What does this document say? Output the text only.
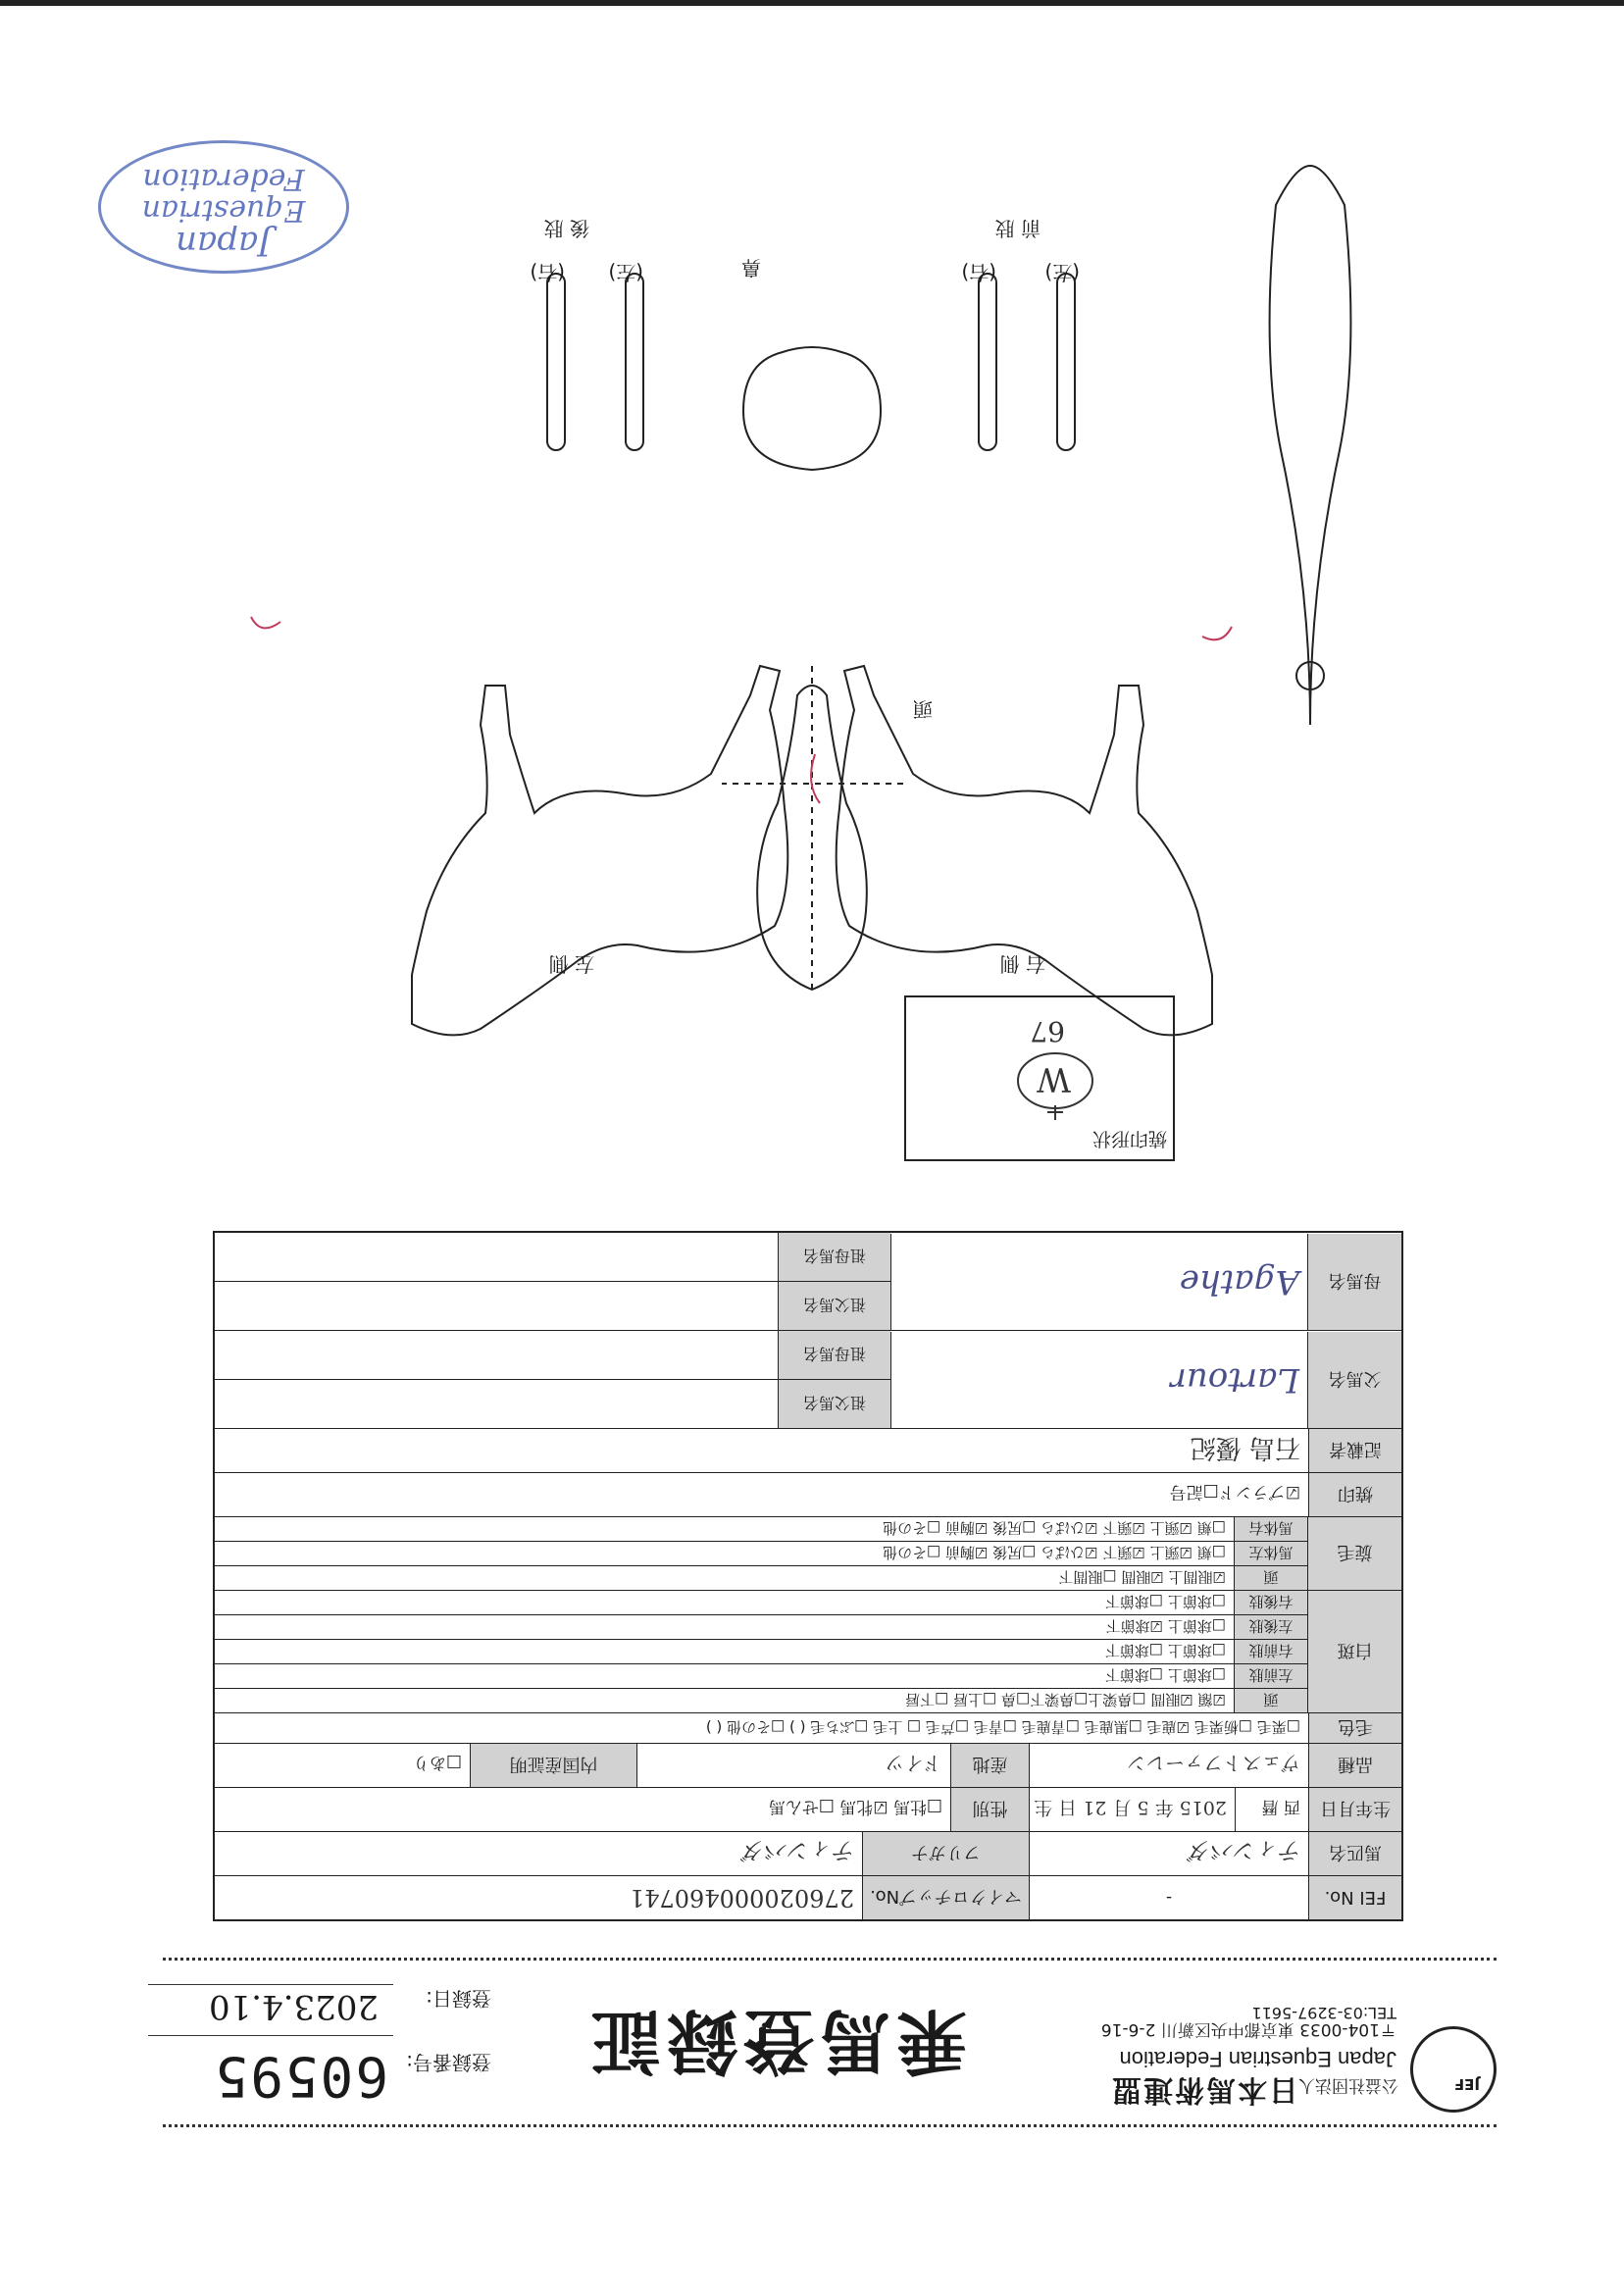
JEF
公益社団法人日本馬術連盟
Japan Equestrian Federation
〒104-0033 東京都中央区新川 2-6-16
TEL:03-3297-5611
乗馬登録証
登録番号:
60595
登録日:
2023.4.10
FEI No.
-
マイクロチップNo.
276020000460741
馬匹名
ティンバダ
フリガナ
ティンバダ
生年月日
西 暦
2015 年 5 月 21 日 生
性別
□牡馬 ☑牝馬 □せん馬
品種
ヴェストファーレン
産地
ドイツ
内国産証明
□あり
毛色
□栗毛 □栃栗毛 ☑鹿毛 □黒鹿毛 □青鹿毛 □青毛 □芦毛 □ 上毛 □ぶち毛 ( ) □その他 ( )
白斑
頭
☑額 ☑眼間 □鼻梁上□鼻梁下□鼻 □上唇 □下唇
左前肢
□球節上 □球節下
右前肢
□球節上 □球節下
左後肢
□球節上 ☑球節下
右後肢
□球節上 □球節下
旋毛
頭
☑眼間上 ☑眼間 □眼間下
馬体左
□頬 ☑頸上 ☑頸下 ☑ひばら □尻後 ☑胸前 □その他
馬体右
□頬 ☑頸上 ☑頸下 ☑ひばら □尻後 ☑胸前 □その他
焼印
☑ブランド□記号
記載者
石島 優紀
父馬名
Lartour
祖父馬名
祖母馬名
母馬名
Agathe
祖父馬名
祖母馬名
焼印形状
W
67
右 側
左 側
頭
鼻
前 肢
(左)
(右)
後 肢
(左)
(右)
Japan
Equestrian
Federation
